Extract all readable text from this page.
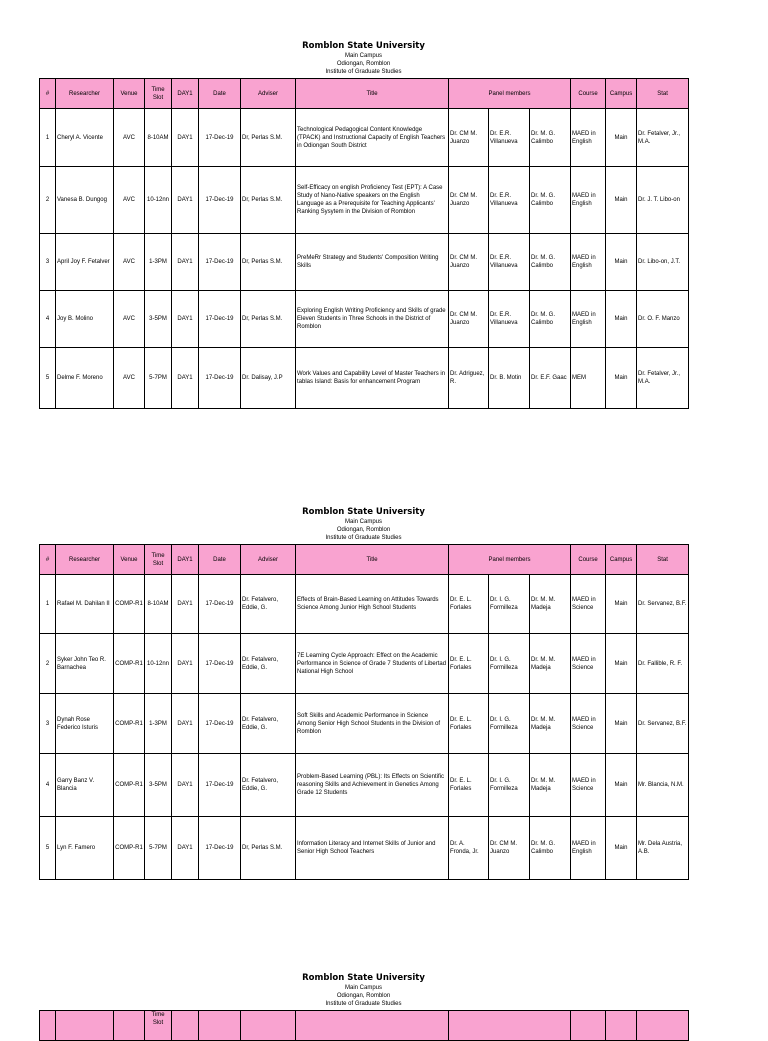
Romblon State University
Main Campus
Odiongan, Romblon
Institute of Graduate Studies
#	Researcher	Venue	Time Slot	DAY1	Date	Adviser	Title	Panel members			Course	Campus	Stat
1	Cheryl A. Vicente	AVC	8-10AM	DAY1	17-Dec-19	Dr, Perlas S.M.	Technological Pedagogical Content Knowledge (TPACK) and Instructional Capacity of English Teachers in Odiongan South District	Dr. CM M. Juanzo	Dr. E.R. Villanueva	Dr. M. G. Calimbo	MAED in English	Main	Dr. Fetalver, Jr., M.A.
2	Vanesa B. Dungog	AVC	10-12nn	DAY1	17-Dec-19	Dr, Perlas S.M.	Self-Efficacy on english Proficiency Test (EPT): A Case Study of Nano-Native speakers on the English Language as a Prerequisite for Teaching Applicants' Ranking Sysytem in the Division of Romblon	Dr. CM M. Juanzo	Dr. E.R. Villanueva	Dr. M. G. Calimbo	MAED in English	Main	Dr. J. T. Libo-on
3	April Joy F. Fetalver	AVC	1-3PM	DAY1	17-Dec-19	Dr, Perlas S.M.	PreMeRr Strategy and Students' Composition Writing Skills	Dr. CM M. Juanzo	Dr. E.R. Villanueva	Dr. M. G. Calimbo	MAED in English	Main	Dr. Libo-on, J.T.
4	Joy B. Molino	AVC	3-5PM	DAY1	17-Dec-19	Dr, Perlas S.M.	Exploring English Writing Proficiency and Skills of grade Eleven Students in Three Schools in the District of Romblon	Dr. CM M. Juanzo	Dr. E.R. Villanueva	Dr. M. G. Calimbo	MAED in English	Main	Dr. O. F. Manzo
5	Delme F. Moreno	AVC	5-7PM	DAY1	17-Dec-19	Dr. Dalisay, J.P	Work Values and Capability Level of Master Teachers in tablas Island: Basis for enhancement Program	Dr. Adriguez, R.	Dr. B. Motin	Dr. E.F. Gaac	MEM	Main	Dr. Fetalver, Jr., M.A.
Romblon State University
Main Campus
Odiongan, Romblon
Institute of Graduate Studies
#	Researcher	Venue	Time Slot	DAY1	Date	Adviser	Title	Panel members			Course	Campus	Stat
1	Rafael M. Dahilan II	COMP-R1	8-10AM	DAY1	17-Dec-19	Dr. Fetalvero, Eddie, G.	Effects of Brain-Based Learning on Attitudes Towards Science Among Junior High School Students	Dr. E. L. Forlales	Dr. I. G. Formilleza	Dr. M. M. Madeja	MAED in Science	Main	Dr. Servanez, B.F.
2	Syker John Teo R. Barnachea	COMP-R1	10-12nn	DAY1	17-Dec-19	Dr. Fetalvero, Eddie, G.	7E Learning Cycle Approach: Effect on the Academic Performance in Science of Grade 7 Students of Libertad National High School	Dr. E. L. Forlales	Dr. I. G. Formilleza	Dr. M. M. Madeja	MAED in Science	Main	Dr. Fallible, R. F.
3	Dynah Rose Federico Isturis	COMP-R1	1-3PM	DAY1	17-Dec-19	Dr. Fetalvero, Eddie, G.	Soft Skills and Academic Performance in Science Among Senior High School Students in the Division of Romblon	Dr. E. L. Forlales	Dr. I. G. Formilleza	Dr. M. M. Madeja	MAED in Science	Main	Dr. Servanez, B.F.
4	Garry Banz V. Blancia	COMP-R1	3-5PM	DAY1	17-Dec-19	Dr. Fetalvero, Eddie, G.	Problem-Based Learning (PBL): Its Effects on Scientific reasoning Skills and Achievement in Genetics Among Grade 12 Students	Dr. E. L. Forlales	Dr. I. G. Formilleza	Dr. M. M. Madeja	MAED in Science	Main	Mr. Blancia, N.M.
5	Lyn F. Famero	COMP-R1	5-7PM	DAY1	17-Dec-19	Dr, Perlas S.M.	Information Literacy and Internet Skills of Junior and Senior High School Teachers	Dr. A. Fronda, Jr.	Dr. CM M. Juanzo	Dr. M. G. Calimbo	MAED in English	Main	Mr. Dela Austria, A.B.
Romblon State University
Main Campus
Odiongan, Romblon
Institute of Graduate Studies
			Time Slot								
